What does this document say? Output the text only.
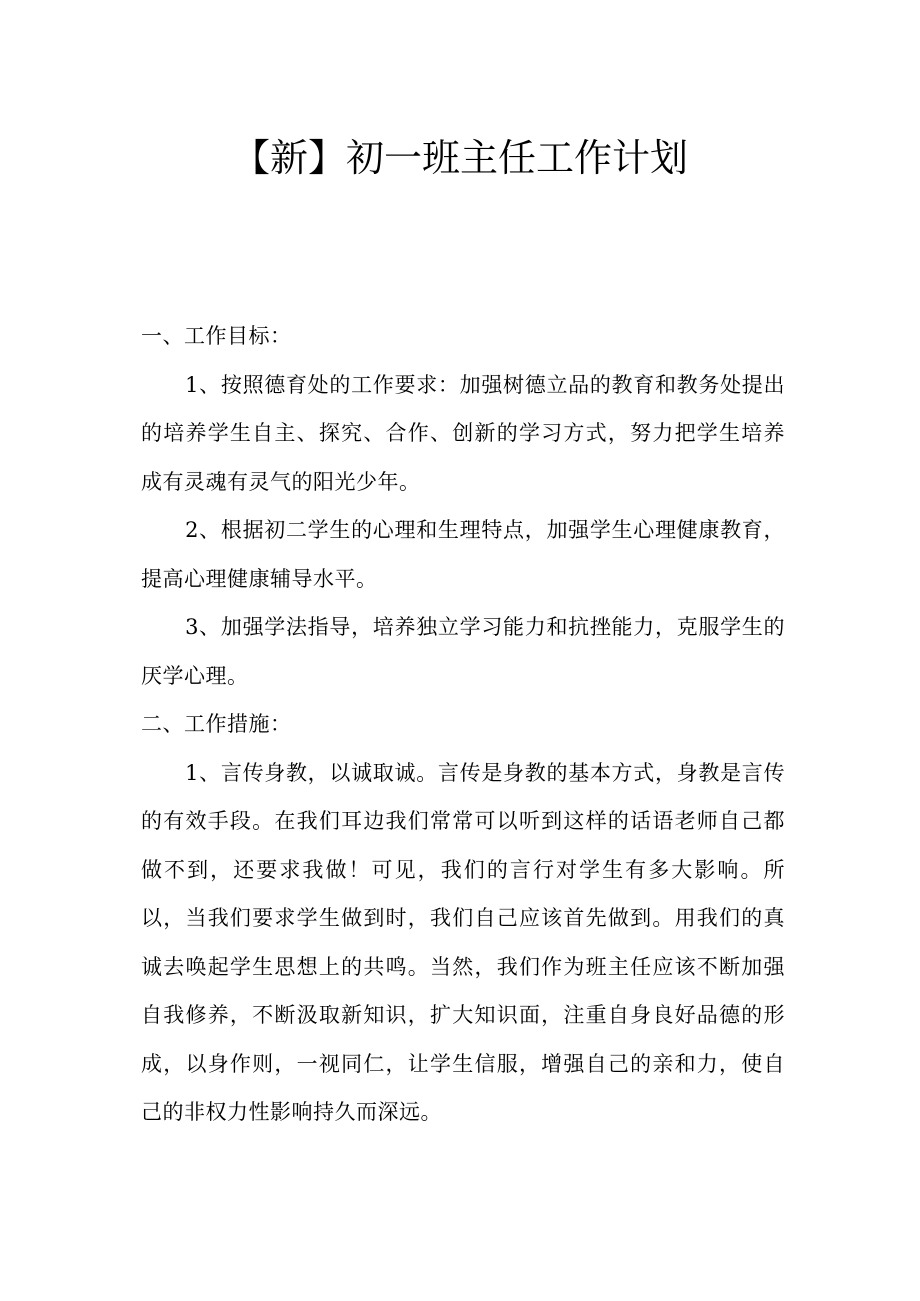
【新】初一班主任工作计划
一、工作目标：

1、按照德育处的工作要求：加强树德立品的教育和教务处提出的培养学生自主、探究、合作、创新的学习方式，努力把学生培养成有灵魂有灵气的阳光少年。

2、根据初二学生的心理和生理特点，加强学生心理健康教育，提高心理健康辅导水平。

3、加强学法指导，培养独立学习能力和抗挫能力，克服学生的厌学心理。

二、工作措施：

1、言传身教，以诚取诚。言传是身教的基本方式，身教是言传的有效手段。在我们耳边我们常常可以听到这样的话语老师自己都做不到，还要求我做！可见，我们的言行对学生有多大影响。所以，当我们要求学生做到时，我们自己应该首先做到。用我们的真诚去唤起学生思想上的共鸣。当然，我们作为班主任应该不断加强自我修养，不断汲取新知识，扩大知识面，注重自身良好品德的形成，以身作则，一视同仁，让学生信服，增强自己的亲和力，使自己的非权力性影响持久而深远。
